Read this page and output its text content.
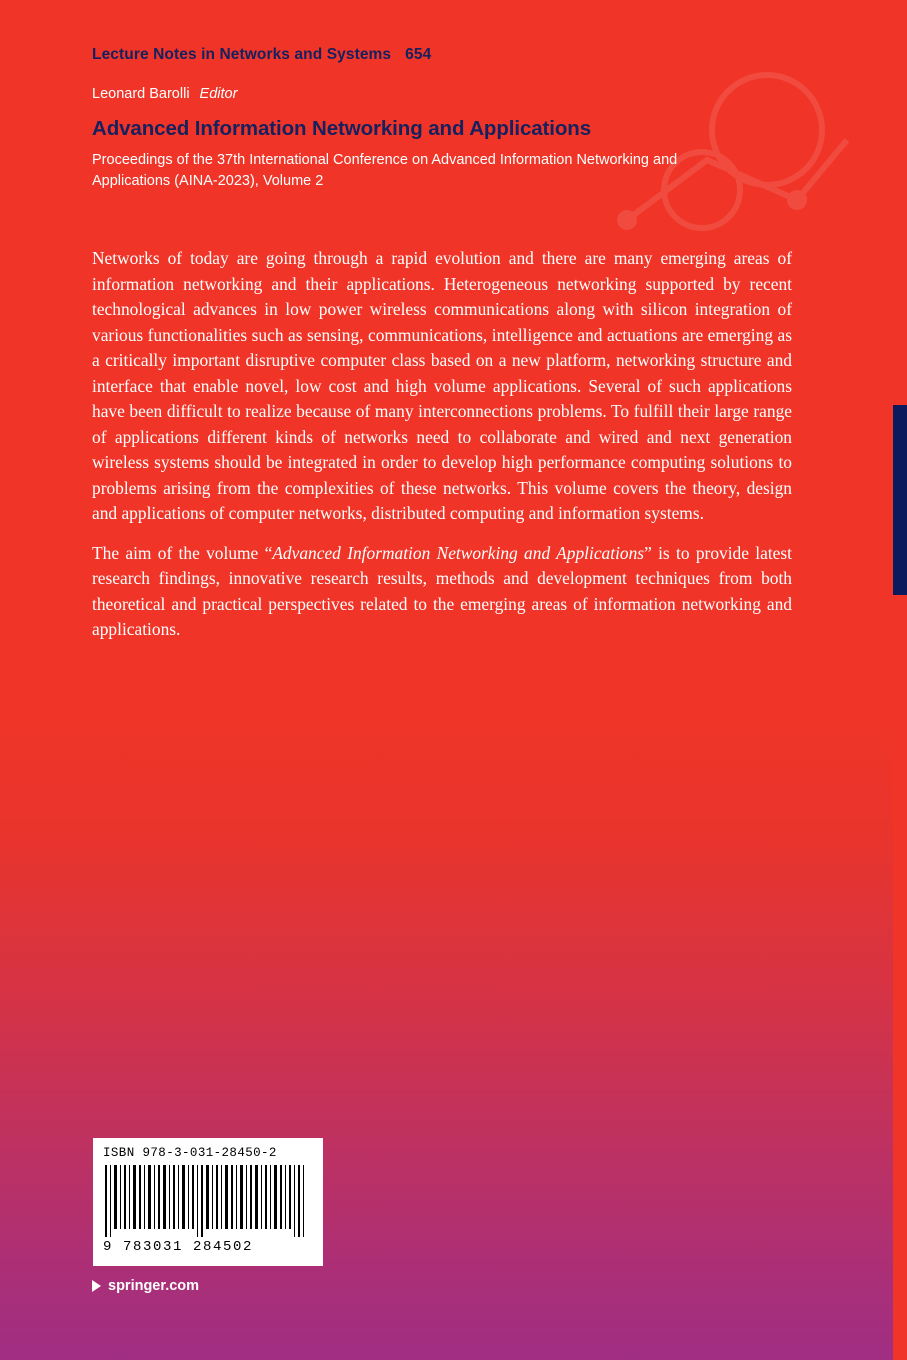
Lecture Notes in Networks and Systems 654
Leonard Barolli Editor
Advanced Information Networking and Applications
Proceedings of the 37th International Conference on Advanced Information Networking and Applications (AINA-2023), Volume 2

Networks of today are going through a rapid evolution and there are many emerging areas of information networking and their applications. Heterogeneous networking supported by recent technological advances in low power wireless communications along with silicon integration of various functionalities such as sensing, communications, intelligence and actuations are emerging as a critically important disruptive computer class based on a new platform, networking structure and interface that enable novel, low cost and high volume applications. Several of such applications have been difficult to realize because of many interconnections problems. To fulfill their large range of applications different kinds of networks need to collaborate and wired and next generation wireless systems should be integrated in order to develop high performance computing solutions to problems arising from the complexities of these networks. This volume covers the theory, design and applications of computer networks, distributed computing and information systems.

The aim of the volume “Advanced Information Networking and Applications” is to provide latest research findings, innovative research results, methods and development techniques from both theoretical and practical perspectives related to the emerging areas of information networking and applications.

ISBN 978-3-031-28450-2
9 783031 284502
springer.com
